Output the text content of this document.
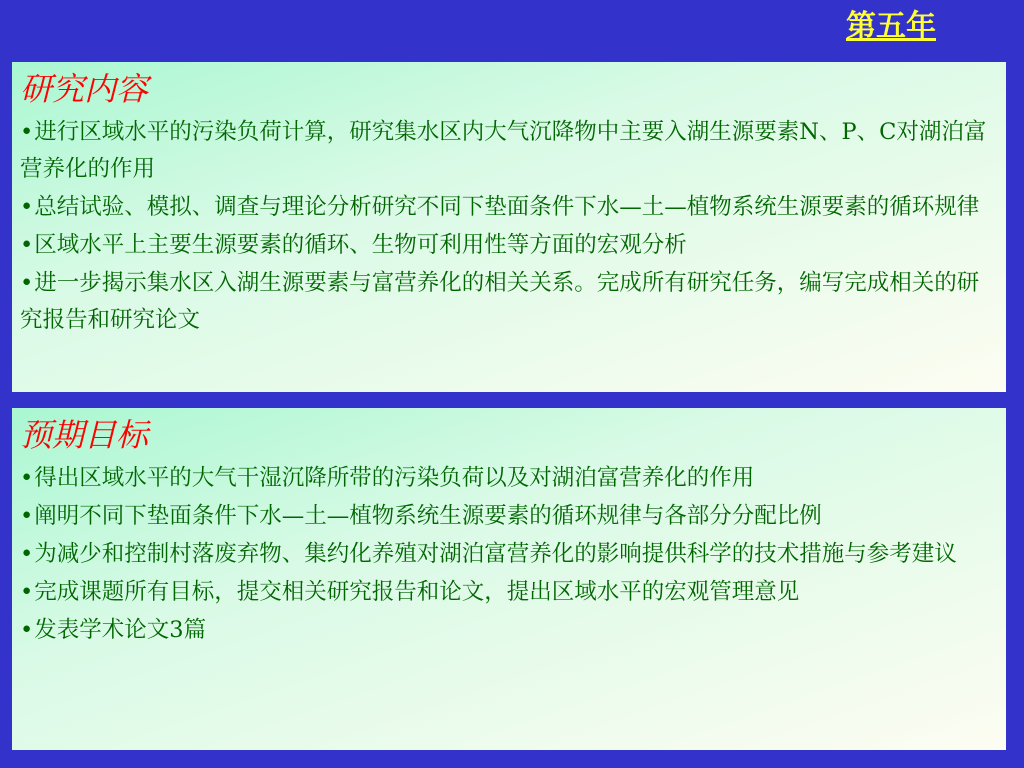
第五年
研究内容
•进行区域水平的污染负荷计算，研究集水区内大气沉降物中主要入湖生源要素N、P、C对湖泊富营养化的作用
•总结试验、模拟、调查与理论分析研究不同下垫面条件下水—土—植物系统生源要素的循环规律
•区域水平上主要生源要素的循环、生物可利用性等方面的宏观分析
•进一步揭示集水区入湖生源要素与富营养化的相关关系。完成所有研究任务，编写完成相关的研究报告和研究论文
预期目标
•得出区域水平的大气干湿沉降所带的污染负荷以及对湖泊富营养化的作用
•阐明不同下垫面条件下水—土—植物系统生源要素的循环规律与各部分分配比例
•为减少和控制村落废弃物、集约化养殖对湖泊富营养化的影响提供科学的技术措施与参考建议
•完成课题所有目标，提交相关研究报告和论文，提出区域水平的宏观管理意见
•发表学术论文3篇
